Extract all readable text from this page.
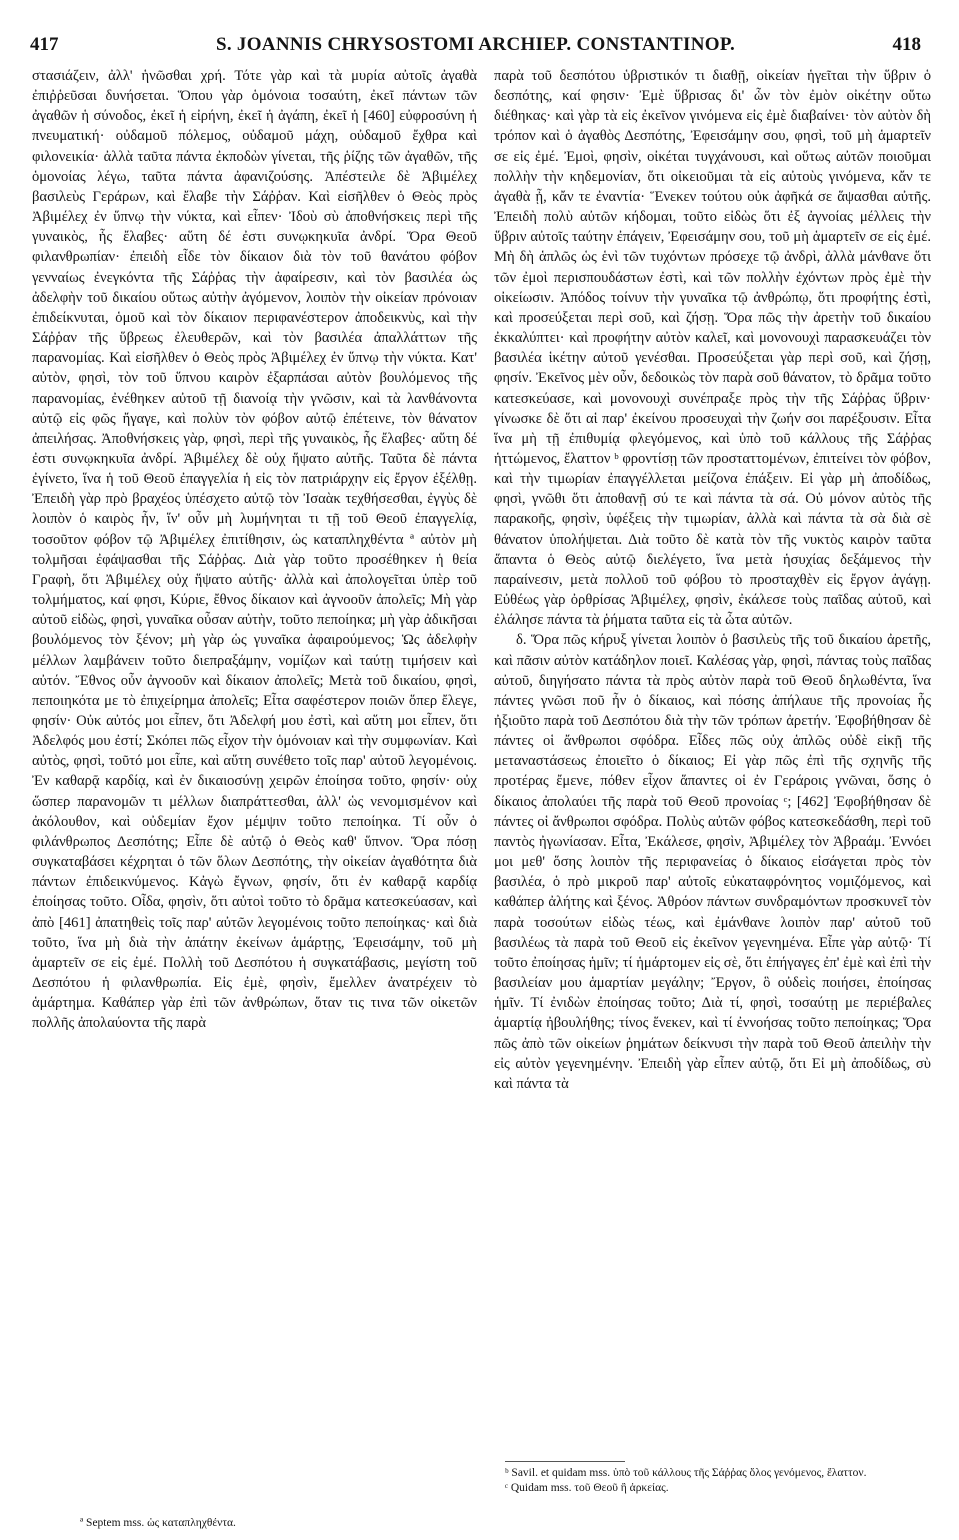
417	S. JOANNIS CHRYSOSTOMI ARCHIEP. CONSTANTINOP.	418

στασιάζειν, ἀλλ' ἡνῶσθαι χρή. Τότε γὰρ καὶ τὰ μυρία αὐτοῖς ἀγαθὰ ἐπιῤῥεῦσαι δυνήσεται. Ὅπου γὰρ ὁμόνοια τοσαύτη, ἐκεῖ πάντων τῶν ἀγαθῶν ἡ σύνοδος, ἐκεῖ ἡ εἰρήνη, ἐκεῖ ἡ ἀγάπη, ἐκεῖ ἡ [460] εὐφροσύνη ἡ πνευματική· οὐδαμοῦ πόλεμος, οὐδαμοῦ μάχη, οὐδαμοῦ ἔχθρα καὶ φιλονεικία· ἀλλὰ ταῦτα πάντα ἐκποδὼν γίνεται, τῆς ῥίζης τῶν ἀγαθῶν, τῆς ὁμονοίας λέγω, ταῦτα πάντα ἀφανιζούσης. Ἀπέστειλε δὲ Ἀβιμέλεχ βασιλεὺς Γεράρων, καὶ ἔλαβε τὴν Σάῤῥαν. Καὶ εἰσῆλθεν ὁ Θεὸς πρὸς Ἀβιμέλεχ ἐν ὕπνῳ τὴν νύκτα, καὶ εἶπεν· Ἰδοὺ σὺ ἀποθνήσκεις περὶ τῆς γυναικὸς, ἧς ἔλαβες· αὕτη δέ ἐστι συνῳκηκυῖα ἀνδρί. Ὅρα Θεοῦ φιλανθρωπίαν· ἐπειδὴ εἶδε τὸν δίκαιον διὰ τὸν τοῦ θανάτου φόβον γενναίως ἐνεγκόντα τῆς Σάῤῥας τὴν ἀφαίρεσιν, καὶ τὸν βασιλέα ὡς ἀδελφὴν τοῦ δικαίου οὕτως αὐτὴν ἀγόμενον, λοιπὸν τὴν οἰκείαν πρόνοιαν ἐπιδείκνυται, ὁμοῦ καὶ τὸν δίκαιον περιφανέστερον ἀποδεικνὺς, καὶ τὴν Σάῤῥαν τῆς ὕβρεως ἐλευθερῶν, καὶ τὸν βασιλέα ἀπαλλάττων τῆς παρανομίας. Καὶ εἰσῆλθεν ὁ Θεὸς πρὸς Ἀβιμέλεχ ἐν ὕπνῳ τὴν νύκτα. Κατ' αὐτὸν, φησὶ, τὸν τοῦ ὕπνου καιρὸν ἐξαρπάσαι αὐτὸν βουλόμενος τῆς παρανομίας, ἐνέθηκεν αὐτοῦ τῇ διανοίᾳ τὴν γνῶσιν, καὶ τὰ λανθάνοντα αὐτῷ εἰς φῶς ἤγαγε, καὶ πολὺν τὸν φόβον αὐτῷ ἐπέτεινε, τὸν θάνατον ἀπειλήσας. Ἀποθνήσκεις γὰρ, φησὶ, περὶ τῆς γυναικὸς, ἧς ἔλαβες· αὕτη δέ ἐστι συνῳκηκυῖα ἀνδρί. Ἀβιμέλεχ δὲ οὐχ ἥψατο αὐτῆς. Ταῦτα δὲ πάντα ἐγίνετο, ἵνα ἡ τοῦ Θεοῦ ἐπαγγελία ἡ εἰς τὸν πατριάρχην εἰς ἔργον ἐξέλθῃ. Ἐπειδὴ γὰρ πρὸ βραχέος ὑπέσχετο αὐτῷ τὸν Ἰσαὰκ τεχθήσεσθαι, ἐγγὺς δὲ λοιπὸν ὁ καιρὸς ἦν, ἵν' οὖν μὴ λυμήνηται τι τῇ τοῦ Θεοῦ ἐπαγγελίᾳ, τοσοῦτον φόβον τῷ Ἀβιμέλεχ ἐπιτίθησιν, ὡς καταπληχθέντα ª αὐτὸν μὴ τολμῆσαι ἐφάψασθαι τῆς Σάῤῥας. Διὰ γὰρ τοῦτο προσέθηκεν ἡ θεία Γραφὴ, ὅτι Ἀβιμέλεχ οὐχ ἥψατο αὐτῆς· ἀλλὰ καὶ ἀπολογεῖται ὑπὲρ τοῦ τολμήματος, καί φησι, Κύριε, ἔθνος δίκαιον καὶ ἀγνοοῦν ἀπολεῖς; Μὴ γὰρ αὐτοῦ εἰδὼς, φησὶ, γυναῖκα οὖσαν αὐτὴν, τοῦτο πεποίηκα; μὴ γὰρ ἀδικῆσαι βουλόμενος τὸν ξένον; μὴ γὰρ ὡς γυναῖκα ἀφαιρούμενος; Ὡς ἀδελφὴν μέλλων λαμβάνειν τοῦτο διεπραξάμην, νομίζων καὶ ταύτῃ τιμήσειν καὶ αὐτόν. Ἔθνος οὖν ἀγνοοῦν καὶ δίκαιον ἀπολεῖς; Μετὰ τοῦ δικαίου, φησὶ, πεποιηκότα με τὸ ἐπιχείρημα ἀπολεῖς; Εἶτα σαφέστερον ποιῶν ὅπερ ἔλεγε, φησίν· Οὐκ αὐτός μοι εἶπεν, ὅτι Ἀδελφή μου ἐστὶ, καὶ αὕτη μοι εἶπεν, ὅτι Ἀδελφός μου ἐστί; Σκόπει πῶς εἶχον τὴν ὁμόνοιαν καὶ τὴν συμφωνίαν. Καὶ αὐτὸς, φησὶ, τοῦτό μοι εἶπε, καὶ αὕτη συνέθετο τοῖς παρ' αὐτοῦ λεγομένοις. Ἐν καθαρᾷ καρδίᾳ, καὶ ἐν δικαιοσύνῃ χειρῶν ἐποίησα τοῦτο, φησίν· οὐχ ὥσπερ παρανομῶν τι μέλλων διαπράττεσθαι, ἀλλ' ὡς νενομισμένον καὶ ἀκόλουθον, καὶ οὐδεμίαν ἔχον μέμψιν τοῦτο πεποίηκα. Τί οὖν ὁ φιλάνθρωπος Δεσπότης; Εἶπε δὲ αὐτῷ ὁ Θεὸς καθ' ὕπνον. Ὅρα πόσῃ συγκαταβάσει κέχρηται ὁ τῶν ὅλων Δεσπότης, τὴν οἰκείαν ἀγαθότητα διὰ πάντων ἐπιδεικνύμενος. Κἀγὼ ἔγνων, φησίν, ὅτι ἐν καθαρᾷ καρδίᾳ ἐποίησας τοῦτο. Οἶδα, φησὶν, ὅτι αὐτοὶ τοῦτο τὸ δρᾶμα κατεσκεύασαν, καὶ ἀπὸ [461] ἀπατηθεὶς τοῖς παρ' αὐτῶν λεγομένοις τοῦτο πεποίηκας· καὶ διὰ τοῦτο, ἵνα μὴ διὰ τὴν ἀπάτην ἐκείνων ἁμάρτῃς, Ἐφεισάμην, τοῦ μὴ ἁμαρτεῖν σε εἰς ἐμέ. Πολλὴ τοῦ Δεσπότου ἡ συγκατάβασις, μεγίστη τοῦ Δεσπότου ἡ φιλανθρωπία. Εἰς ἐμὲ, φησὶν, ἔμελλεν ἀνατρέχειν τὸ ἁμάρτημα. Καθάπερ γὰρ ἐπὶ τῶν ἀνθρώπων, ὅταν τις τινα τῶν οἰκετῶν πολλῆς ἀπολαύοντα τῆς παρὰ

παρὰ τοῦ δεσπότου ὑβριστικόν τι διαθῇ, οἰκείαν ἡγεῖται τὴν ὕβριν ὁ δεσπότης, καί φησιν· Ἐμὲ ὕβρισας δι' ὧν τὸν ἐμὸν οἰκέτην οὕτω διέθηκας· καὶ γὰρ τὰ εἰς ἐκεῖνον γινόμενα εἰς ἐμὲ διαβαίνει· τὸν αὐτὸν δὴ τρόπον καὶ ὁ ἀγαθὸς Δεσπότης, Ἐφεισάμην σου, φησὶ, τοῦ μὴ ἁμαρτεῖν σε εἰς ἐμέ. Ἐμοὶ, φησὶν, οἰκέται τυγχάνουσι, καὶ οὕτως αὐτῶν ποιοῦμαι πολλὴν τὴν κηδεμονίαν, ὅτι οἰκειοῦμαι τὰ εἰς αὐτοὺς γινόμενα, κἄν τε ἀγαθὰ ᾖ, κἄν τε ἐναντία· Ἕνεκεν τούτου οὐκ ἀφῆκά σε ἅψασθαι αὐτῆς. Ἐπειδὴ πολὺ αὐτῶν κήδομαι, τοῦτο εἰδὼς ὅτι ἐξ ἀγνοίας μέλλεις τὴν ὕβριν αὐτοῖς ταύτην ἐπάγειν, Ἐφεισάμην σου, τοῦ μὴ ἁμαρτεῖν σε εἰς ἐμέ. Μὴ δὴ ἁπλῶς ὡς ἑνὶ τῶν τυχόντων πρόσεχε τῷ ἀνδρὶ, ἀλλὰ μάνθανε ὅτι τῶν ἐμοὶ περισπουδάστων ἐστὶ, καὶ τῶν πολλὴν ἐχόντων πρὸς ἐμὲ τὴν οἰκείωσιν. Ἀπόδος τοίνυν τὴν γυναῖκα τῷ ἀνθρώπῳ, ὅτι προφήτης ἐστὶ, καὶ προσεύξεται περὶ σοῦ, καὶ ζήσῃ. Ὅρα πῶς τὴν ἀρετὴν τοῦ δικαίου ἐκκαλύπτει· καὶ προφήτην αὐτὸν καλεῖ, καὶ μονονουχὶ παρασκευάζει τὸν βασιλέα ἱκέτην αὐτοῦ γενέσθαι. Προσεύξεται γὰρ περὶ σοῦ, καὶ ζήσῃ, φησίν. Ἐκεῖνος μὲν οὖν, δεδοικὼς τὸν παρὰ σοῦ θάνατον, τὸ δρᾶμα τοῦτο κατεσκεύασε, καὶ μονονουχὶ συνέπραξε πρὸς τὴν τῆς Σάῤῥας ὕβριν· γίνωσκε δὲ ὅτι αἱ παρ' ἐκείνου προσευχαὶ τὴν ζωήν σοι παρέξουσιν. Εἶτα ἵνα μὴ τῇ ἐπιθυμίᾳ φλεγόμενος, καὶ ὑπὸ τοῦ κάλλους τῆς Σάῤῥας ἡττώμενος, ἔλαττον ᵇ φροντίσῃ τῶν προσταττομένων, ἐπιτείνει τὸν φόβον, καὶ τὴν τιμωρίαν ἐπαγγέλλεται μείζονα ἐπάξειν. Εἰ γὰρ μὴ ἀποδίδως, φησὶ, γνῶθι ὅτι ἀποθανῇ σύ τε καὶ πάντα τὰ σά. Οὐ μόνον αὐτὸς τῆς παρακοῆς, φησὶν, ὑφέξεις τὴν τιμωρίαν, ἀλλὰ καὶ πάντα τὰ σὰ διὰ σὲ θάνατον ὑπολήψεται. Διὰ τοῦτο δὲ κατὰ τὸν τῆς νυκτὸς καιρὸν ταῦτα ἅπαντα ὁ Θεὸς αὐτῷ διελέγετο, ἵνα μετὰ ἡσυχίας δεξάμενος τὴν παραίνεσιν, μετὰ πολλοῦ τοῦ φόβου τὸ προσταχθὲν εἰς ἔργον ἀγάγῃ. Εὐθέως γὰρ ὀρθρίσας Ἀβιμέλεχ, φησὶν, ἐκάλεσε τοὺς παῖδας αὐτοῦ, καὶ ἐλάλησε πάντα τὰ ῥήματα ταῦτα εἰς τὰ ὦτα αὐτῶν.

δ. Ὅρα πῶς κήρυξ γίνεται λοιπὸν ὁ βασιλεὺς τῆς τοῦ δικαίου ἀρετῆς, καὶ πᾶσιν αὐτὸν κατάδηλον ποιεῖ. Καλέσας γὰρ, φησὶ, πάντας τοὺς παῖδας αὐτοῦ, διηγήσατο πάντα τὰ πρὸς αὐτὸν παρὰ τοῦ Θεοῦ δηλωθέντα, ἵνα πάντες γνῶσι ποῦ ἦν ὁ δίκαιος, καὶ πόσης ἀπήλαυε τῆς προνοίας ἧς ἠξιοῦτο παρὰ τοῦ Δεσπότου διὰ τὴν τῶν τρόπων ἀρετήν. Ἐφοβήθησαν δὲ πάντες οἱ ἄνθρωποι σφόδρα. Εἶδες πῶς οὐχ ἁπλῶς οὐδὲ εἰκῇ τῆς μεταναστάσεως ἐποιεῖτο ὁ δίκαιος; Εἰ γὰρ πῶς ἐπὶ τῆς σχηνῆς τῆς προτέρας ἔμενε, πόθεν εἶχον ἅπαντες οἱ ἐν Γεράροις γνῶναι, ὅσης ὁ δίκαιος ἀπολαύει τῆς παρὰ τοῦ Θεοῦ προνοίας ᶜ; [462] Ἐφοβήθησαν δὲ πάντες οἱ ἄνθρωποι σφόδρα. Πολὺς αὐτῶν φόβος κατεσκεδάσθη, περὶ τοῦ παντὸς ἠγωνίασαν. Εἶτα, Ἐκάλεσε, φησὶν, Ἀβιμέλεχ τὸν Ἀβραάμ. Ἐννόει μοι μεθ' ὅσης λοιπὸν τῆς περιφανείας ὁ δίκαιος εἰσάγεται πρὸς τὸν βασιλέα, ὁ πρὸ μικροῦ παρ' αὐτοῖς εὐκαταφρόνητος νομιζόμενος, καὶ καθάπερ ἀλήτης καὶ ξένος. Ἀθρόον πάντων συνδραμόντων προσκυνεῖ τὸν παρὰ τοσούτων εἰδὼς τέως, καὶ ἐμάνθανε λοιπὸν παρ' αὐτοῦ τοῦ βασιλέως τὰ παρὰ τοῦ Θεοῦ εἰς ἐκεῖνον γεγενημένα. Εἶπε γὰρ αὐτῷ· Τί τοῦτο ἐποίησας ἡμῖν; τί ἡμάρτομεν εἰς σὲ, ὅτι ἐπήγαγες ἐπ' ἐμὲ καὶ ἐπὶ τὴν βασιλείαν μου ἁμαρτίαν μεγάλην; Ἔργον, ὃ οὐδεὶς ποιήσει, ἐποίησας ἡμῖν. Τί ἐνιδὼν ἐποίησας τοῦτο; Διὰ τί, φησὶ, τοσαύτῃ με περιέβαλες ἁμαρτίᾳ ἠβουλήθης; τίνος ἕνεκεν, καὶ τί ἐννοήσας τοῦτο πεποίηκας; Ὅρα πῶς ἀπὸ τῶν οἰκείων ῥημάτων δείκνυσι τὴν παρὰ τοῦ Θεοῦ ἀπειλὴν τὴν εἰς αὐτὸν γεγενημένην. Ἐπειδὴ γὰρ εἶπεν αὐτῷ, ὅτι Εἰ μὴ ἀποδίδως, σὺ καὶ πάντα τὰ

ᵇ Savil. et quidam mss. ὑπὸ τοῦ κάλλους τῆς Σάῤῥας ὅλος γενόμενος, ἔλαττον.

ᶜ Quidam mss. τοῦ Θεοῦ ἢ ἀρκείας.

ª Septem mss. ὡς καταπληχθέντα.
